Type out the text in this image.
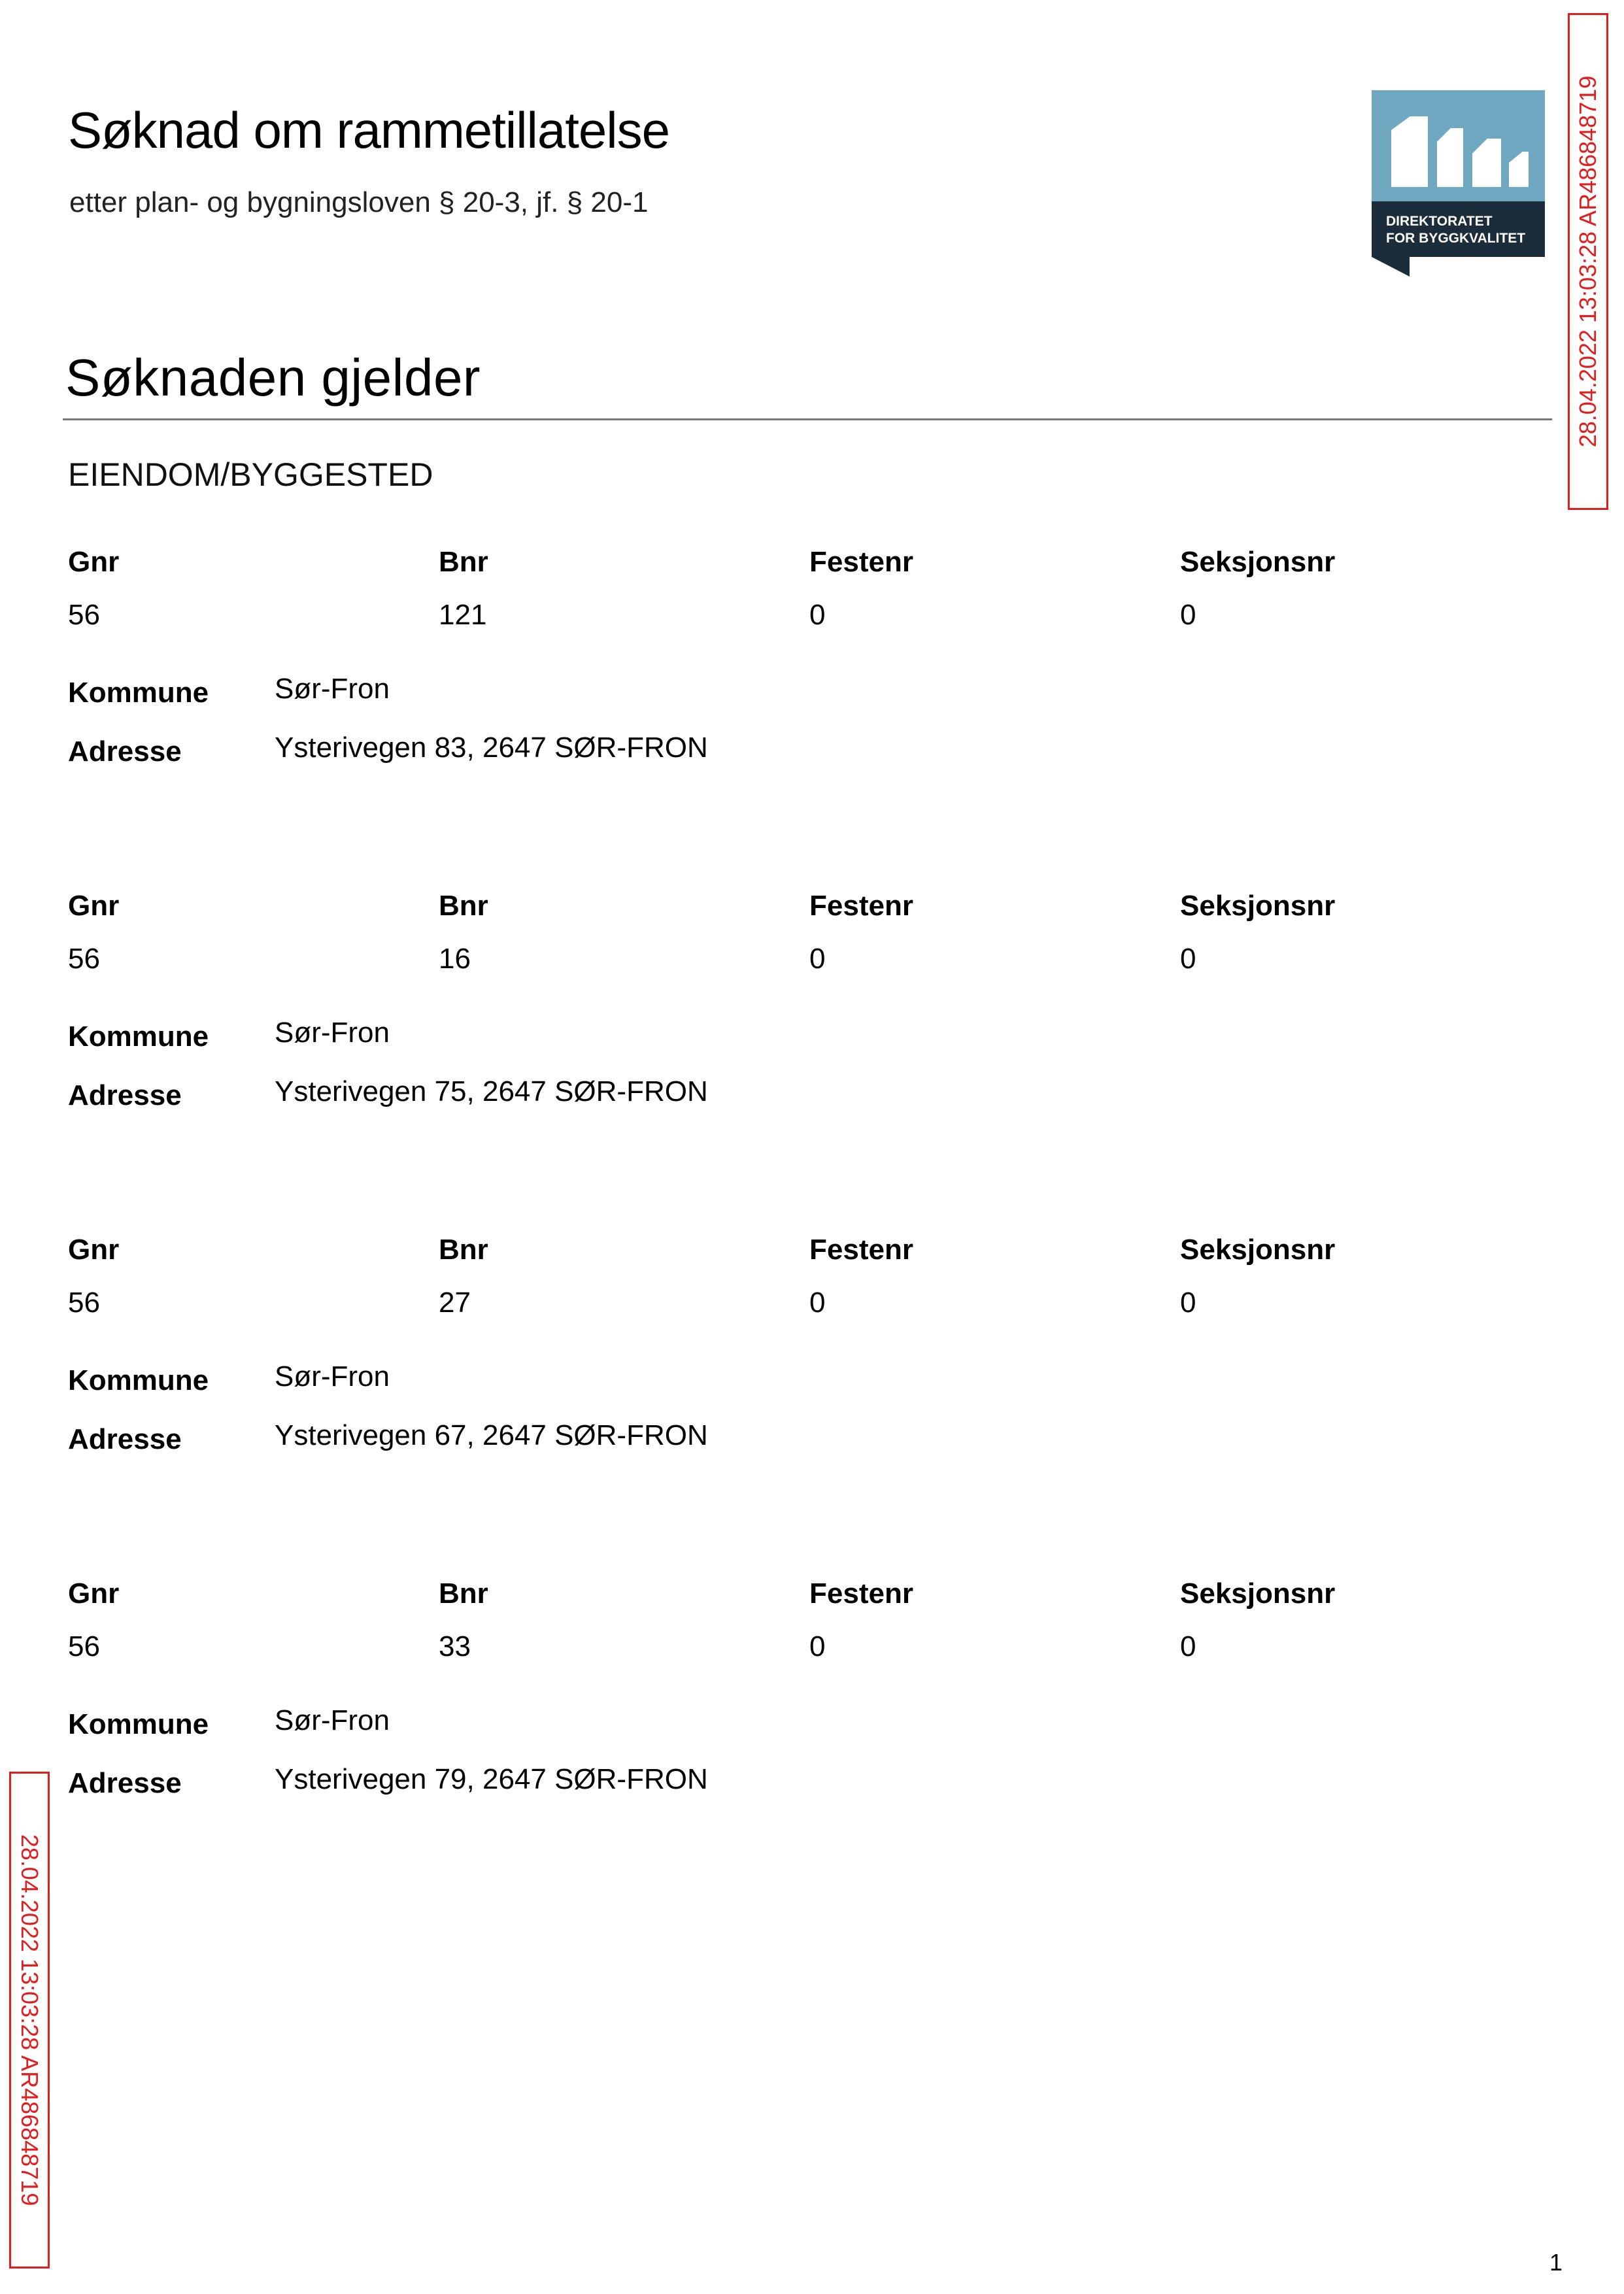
Søknad om rammetillatelse
etter plan- og bygningsloven § 20-3, jf. § 20-1
DIREKTORATET
FOR BYGGKVALITET 28.04.2022 13:03:28 AR486848719
Søknaden gjelder
EIENDOM/BYGGESTED
Gnr	Bnr	Festenr	Seksjonsnr
56	121	0	0
Kommune Sør-Fron
Adresse	Ysterivegen 83, 2647 SØR-FRON
Gnr	Bnr	Festenr	Seksjonsnr
56	16	0	0
Kommune Sør-Fron
Adresse	Ysterivegen 75, 2647 SØR-FRON
Gnr	Bnr	Festenr	Seksjonsnr
56	27	0	0
Kommune Sør-Fron
Adresse	Ysterivegen 67, 2647 SØR-FRON
Gnr	Bnr	Festenr	Seksjonsnr
56	33	0	0
Kommune Sør-Fron
Adresse	Ysterivegen 79, 2647 SØR-FRON
28.04.2022 13:03:28 AR486848719
1
